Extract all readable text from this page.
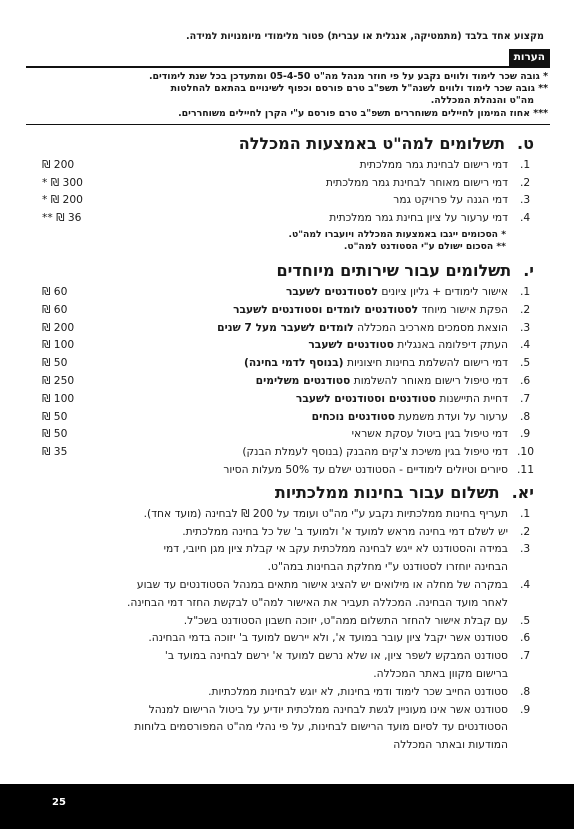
מקצוע אחד בלבד (מתמטיקה, אנגלית או עברית) פטור מלימודי מיומנויות למידה.
הערות
* גובה שכר לימוד ולווים נקבע על פי חוזר מנהל מה"ט 05-4-50 ומתעדכן בכל שנת לימודים.
** גובה שכר לימוד ולווים לשנה"ל תשפ"ב טרם פורסם וכפוף לשינויים בהתאם להחלטות
מה"ט והנהלת המכללה.
*** אחוז המימון לחיילים משוחררים תשפ"ב טרם פורסם ע"י הקרן לחיילים משוחררים.
ט.
תשלומים למה"ט באמצעות המכללה
1.
דמי רישום לבחינת גמר ממלכתית
200 ₪
2.
דמי רישום מאוחר לבחינת גמר ממלכתית
300 ₪ *
3.
דמי הגנה על פרויקט גמר
200 ₪ *
4.
דמי ערעור על ציון בחינת גמר ממלכתית
36 ₪ **
* הסכומים ייגבו באמצעות המכללה ויועברו למה"ט.
** הסכום ישולם ע"י הסטודנט למה"ט.
י.
תשלומים עבור שירותים מיוחדים
1.
אישור לימודים + גליון ציונים לסטודנטים לשעבר
60 ₪
2.
הפקת אישור מיוחד לסטודנטים לומדים וסטודנטים לשעבר
60 ₪
3.
הוצאת מסמכים מארכיב המכללה לומדים לשעבר מעל 7 שנים
200 ₪
4.
העתק דיפלומה באנגלית סטודנטים לשעבר
100 ₪
5.
דמי רישום להשלמת בחינות חיצוניות (בנוסף לדמי בחינה)
50 ₪
6.
דמי טיפול רישום מאוחר להשלמות סטודנטים משלימים
250 ₪
7.
דחיית התיישנות סטודנטים וסטודנטים לשעבר
100 ₪
8.
ערעור על ועדת משמעת סטודנטים נוכחים
50 ₪
9.
דמי טיפול בגין ביטול עסקת אשראי
50 ₪
10.
דמי טיפול בגין משיכת צ'קים מהבנק (בנוסף לעמלת הבנק)
35 ₪
11.
סיורים וטיולים לימודיים - הסטודנט ישלם עד 50% מעלות הסיור
יא.
תשלום עבור בחינות ממלכתיות
1.
תעריף בחינות ממלכתיות נקבע ע"י מה"ט ועומד על 200 ₪ לבחינה (מועד אחד).
2.
יש לשלם דמי בחינה מראש למועד א' ולמועד ב' של כל בחינה ממלכתית.
3.
במידה והסטודנט לא ייגש לבחינה ממלכתית עקב אי קבלת ציון מגן חיובי, דמי
הבחינה יוחזרו לסטודנט ע"י מחלקת הבחינות במה"ט.
4.
במקרה של מחלה או מילואים יש להציג אישור מתאים במנהל הסטודנטים עד שבוע
לאחר מועד הבחינה. המכללה תעביר את האישור למה"ט לבקשת החזר דמי הבחינה.
5.
עם קבלת אישור להחזר התשלום ממה"ט, יזוכה חשבון הסטודנט בשכ"ל.
6.
סטודנט אשר יקבל ציון עובר במועד א', ולא יירשם למועד ב' יזוכה בדמי הבחינה.
7.
סטודנט המבקש לשפר ציון, או שלא נרשם למועד א' ירשם לבחינה במועד ב'
ברישום מקוון באתר המכללה.
8.
סטודנט החייב שכר לימוד ודמי בחינות, לא יוגש לבחינות ממלכתיות.
9.
סטודנט אשר אינו מעוניין לגשת לבחינה ממלכתית יודיע על ביטול הרישום למנהל
הסטודנטים עד לסיום מועד הרישום לבחינות, על פי נהלי מה"ט המפורסמים בלוחות
המודעות ובאתר המכללה
25
